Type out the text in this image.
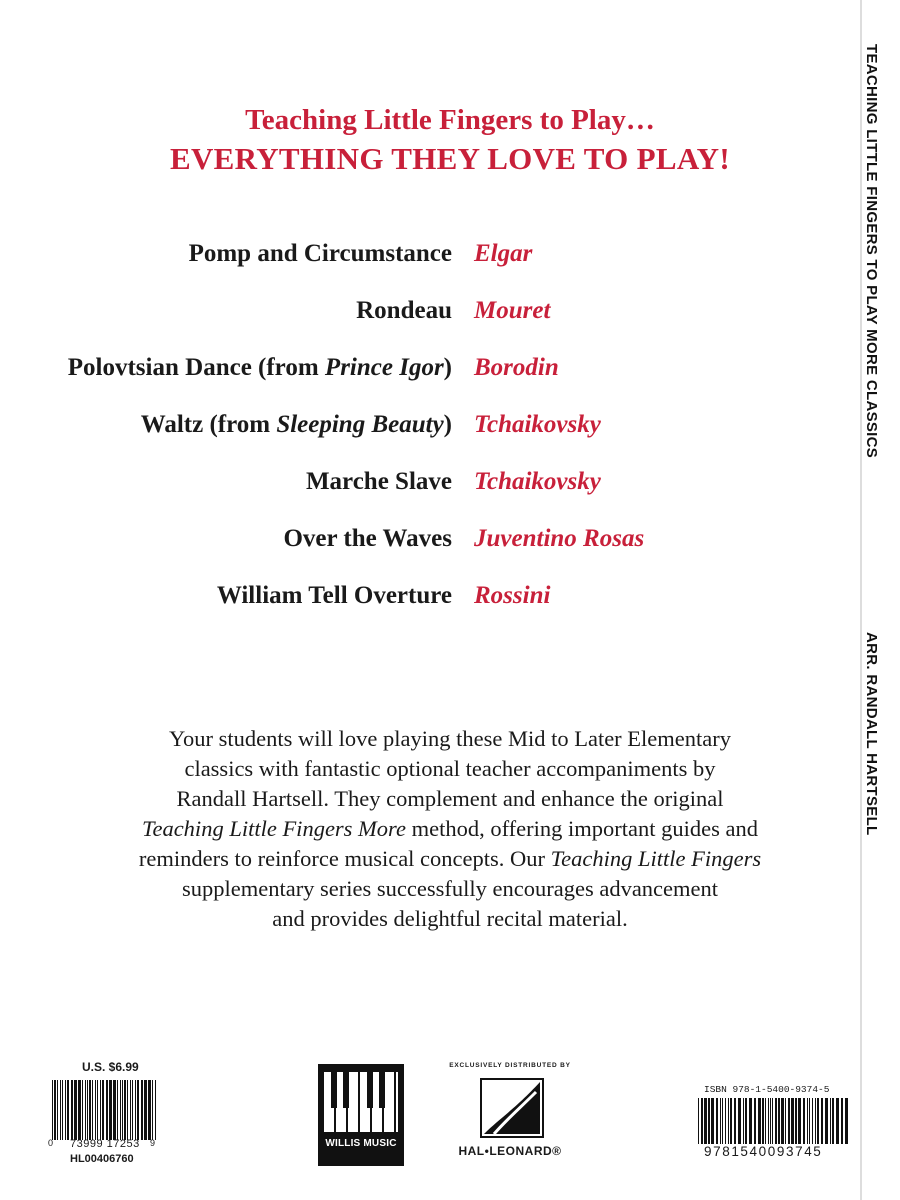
TEACHING LITTLE FINGERS TO PLAY MORE CLASSICS
ARR. RANDALL HARTSELL
Teaching Little Fingers to Play…
EVERYTHING THEY LOVE TO PLAY!
Pomp and Circumstance Elgar
Rondeau Mouret
Polovtsian Dance (from Prince Igor) Borodin
Waltz (from Sleeping Beauty) Tchaikovsky
Marche Slave Tchaikovsky
Over the Waves Juventino Rosas
William Tell Overture Rossini
Your students will love playing these Mid to Later Elementary
classics with fantastic optional teacher accompaniments by
Randall Hartsell. They complement and enhance the original
Teaching Little Fingers More method, offering important guides and
reminders to reinforce musical concepts. Our Teaching Little Fingers
supplementary series successfully encourages advancement
and provides delightful recital material.
U.S. $6.99
0 73999 17253 9
HL00406760
WILLIS MUSIC
EXCLUSIVELY DISTRIBUTED BY
HAL•LEONARD®
ISBN 978-1-5400-9374-5
9781540093745
